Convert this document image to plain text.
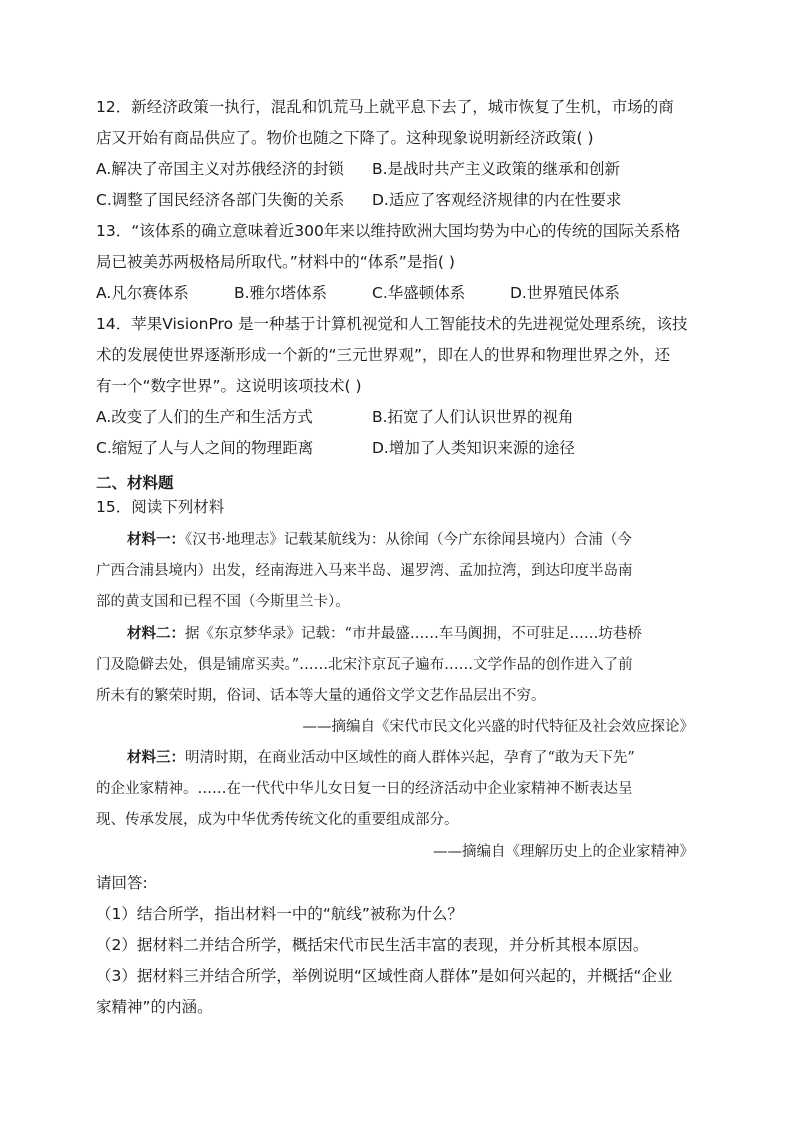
12．新经济政策一执行，混乱和饥荒马上就平息下去了，城市恢复了生机，市场的商
店又开始有商品供应了。物价也随之下降了。这种现象说明新经济政策( )
A.解决了帝国主义对苏俄经济的封锁 B.是战时共产主义政策的继承和创新
C.调整了国民经济各部门失衡的关系 D.适应了客观经济规律的内在性要求
13．“该体系的确立意味着近300年来以维持欧洲大国均势为中心的传统的国际关系格
局已被美苏两极格局所取代。”材料中的“体系”是指( )
A.凡尔赛体系	B.雅尔塔体系	C.华盛顿体系	D.世界殖民体系
14．苹果VisionPro 是一种基于计算机视觉和人工智能技术的先进视觉处理系统，该技
术的发展使世界逐渐形成一个新的“三元世界观”，即在人的世界和物理世界之外，还
有一个“数字世界”。这说明该项技术( )
A.改变了人们的生产和生活方式	B.拓宽了人们认识世界的视角
C.缩短了人与人之间的物理距离	D.增加了人类知识来源的途径
二、材料题
15．阅读下列材料
材料一：《汉书·地理志》记载某航线为：从徐闻（今广东徐闻县境内）合浦（今
广西合浦县境内）出发，经南海进入马来半岛、暹罗湾、孟加拉湾，到达印度半岛南
部的黄支国和已程不国（今斯里兰卡）。
材料二：据《东京梦华录》记载：“市井最盛……车马阗拥，不可驻足……坊巷桥
门及隐僻去处，俱是铺席买卖。”……北宋汴京瓦子遍布……文学作品的创作进入了前
所未有的繁荣时期，俗词、话本等大量的通俗文学文艺作品层出不穷。
——摘编自《宋代市民文化兴盛的时代特征及社会效应探论》
材料三：明清时期，在商业活动中区域性的商人群体兴起，孕育了“敢为天下先”
的企业家精神。……在一代代中华儿女日复一日的经济活动中企业家精神不断表达呈
现、传承发展，成为中华优秀传统文化的重要组成部分。
——摘编自《理解历史上的企业家精神》
请回答:
（1）结合所学，指出材料一中的“航线”被称为什么？
（2）据材料二并结合所学，概括宋代市民生活丰富的表现，并分析其根本原因。
（3）据材料三并结合所学，举例说明“区域性商人群体”是如何兴起的，并概括“企业
家精神”的内涵。
